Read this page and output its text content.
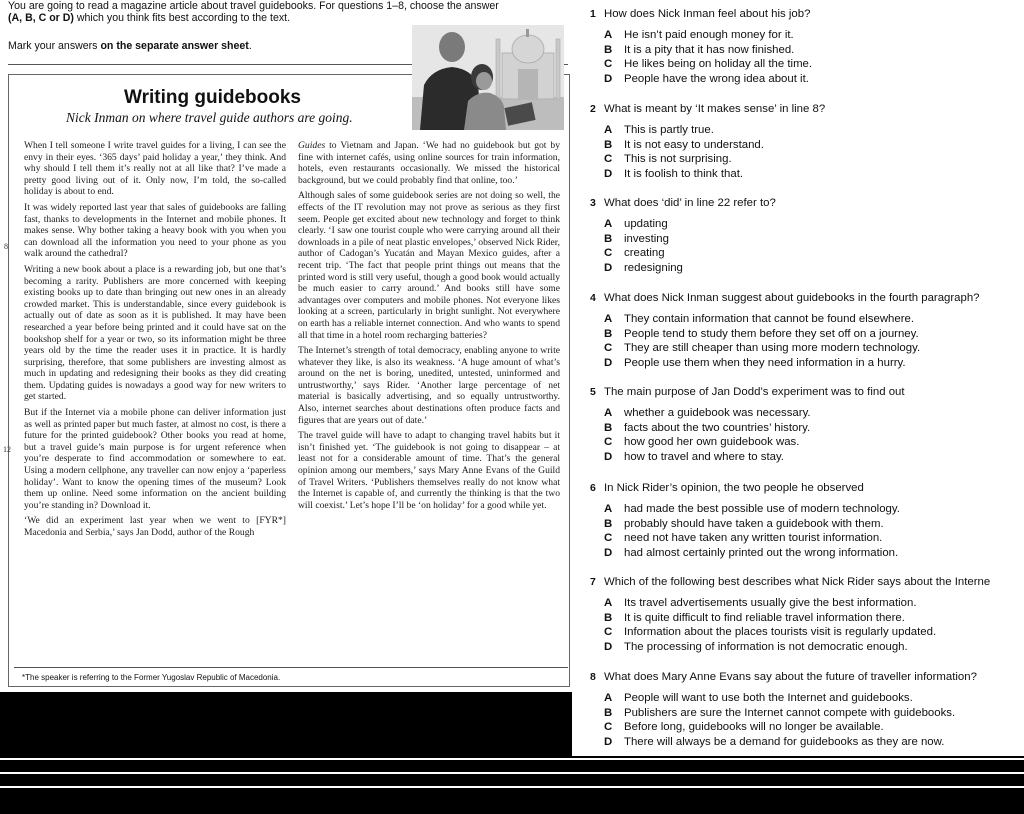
You are going to read a magazine article about travel guidebooks. For questions 1–8, choose the answer
(A, B, C or D) which you think fits best according to the text.
Mark your answers on the separate answer sheet.
Writing guidebooks
Nick Inman on where travel guide authors are going.
8
12

When I tell someone I write travel guides for a living, I can see the envy in their eyes. ‘365 days’ paid holiday a year,’ they think. And why should I tell them it’s really not at all like that? I’ve made a pretty good living out of it. Only now, I’m told, the so-called holiday is about to end.

It was widely reported last year that sales of guidebooks are falling fast, thanks to developments in the Internet and mobile phones. It makes sense. Why bother taking a heavy book with you when you can download all the information you need to your phone as you walk around the cathedral?

Writing a new book about a place is a rewarding job, but one that’s becoming a rarity. Publishers are more concerned with keeping existing books up to date than bringing out new ones in an already crowded market. This is understandable, since every guidebook is actually out of date as soon as it is published. It may have been researched a year before being printed and it could have sat on the bookshop shelf for a year or two, so its information might be three years old by the time the reader uses it in practice. It is hardly surprising, therefore, that some publishers are investing almost as much in updating and redesigning their books as they did creating them. Updating guides is nowadays a good way for new writers to get started.

But if the Internet via a mobile phone can deliver information just as well as printed paper but much faster, at almost no cost, is there a future for the printed guidebook? Other books you read at home, but a travel guide’s main purpose is for urgent reference when you’re desperate to find accommodation or somewhere to eat. Using a modern cellphone, any traveller can now enjoy a ‘paperless holiday’. Want to know the opening times of the museum? Look them up online. Need some information on the ancient building you’re standing in? Download it.

‘We did an experiment last year when we went to [FYR*] Macedonia and Serbia,’ says Jan Dodd, author of the Rough

Guides to Vietnam and Japan. ‘We had no guidebook but got by fine with internet cafés, using online sources for train information, hotels, even restaurants occasionally. We missed the historical background, but we could probably find that online, too.’

Although sales of some guidebook series are not doing so well, the effects of the IT revolution may not prove as serious as they first seem. People get excited about new technology and forget to think clearly. ‘I saw one tourist couple who were carrying around all their downloads in a pile of neat plastic envelopes,’ observed Nick Rider, author of Cadogan’s Yucatán and Mayan Mexico guides, after a recent trip. ‘The fact that people print things out means that the printed word is still very useful, though a good book would actually be much easier to carry around.’ And books still have some advantages over computers and mobile phones. Not everyone likes looking at a screen, particularly in bright sunlight. Not everywhere on earth has a reliable internet connection. And who wants to spend all that time in a hotel room recharging batteries?

The Internet’s strength of total democracy, enabling anyone to write whatever they like, is also its weakness. ‘A huge amount of what’s around on the net is boring, unedited, untested, uninformed and untrustworthy,’ says Rider. ‘Another large percentage of net material is basically advertising, and so equally untrustworthy. Also, internet searches about destinations often produce facts and figures that are years out of date.’

The travel guide will have to adapt to changing travel habits but it isn’t finished yet. ‘The guidebook is not going to disappear – at least not for a considerable amount of time. That’s the general opinion among our members,’ says Mary Anne Evans of the Guild of Travel Writers. ‘Publishers themselves really do not know what the Internet is capable of, and currently the thinking is that the two will coexist.’ Let’s hope I’ll be ‘on holiday’ for a good while yet.

*The speaker is referring to the Former Yugoslav Republic of Macedonia.
1 How does Nick Inman feel about his job?
A He isn’t paid enough money for it.
B It is a pity that it has now finished.
C He likes being on holiday all the time.
D People have the wrong idea about it.
2 What is meant by ‘It makes sense’ in line 8?
A This is partly true.
B It is not easy to understand.
C This is not surprising.
D It is foolish to think that.
3 What does ‘did’ in line 22 refer to?
A updating
B investing
C creating
D redesigning
4 What does Nick Inman suggest about guidebooks in the fourth paragraph?
A They contain information that cannot be found elsewhere.
B People tend to study them before they set off on a journey.
C They are still cheaper than using more modern technology.
D People use them when they need information in a hurry.
5 The main purpose of Jan Dodd’s experiment was to find out
A whether a guidebook was necessary.
B facts about the two countries’ history.
C how good her own guidebook was.
D how to travel and where to stay.
6 In Nick Rider’s opinion, the two people he observed
A had made the best possible use of modern technology.
B probably should have taken a guidebook with them.
C need not have taken any written tourist information.
D had almost certainly printed out the wrong information.
7 Which of the following best describes what Nick Rider says about the Interne
A Its travel advertisements usually give the best information.
B It is quite difficult to find reliable travel information there.
C Information about the places tourists visit is regularly updated.
D The processing of information is not democratic enough.
8 What does Mary Anne Evans say about the future of traveller information?
A People will want to use both the Internet and guidebooks.
B Publishers are sure the Internet cannot compete with guidebooks.
C Before long, guidebooks will no longer be available.
D There will always be a demand for guidebooks as they are now.
